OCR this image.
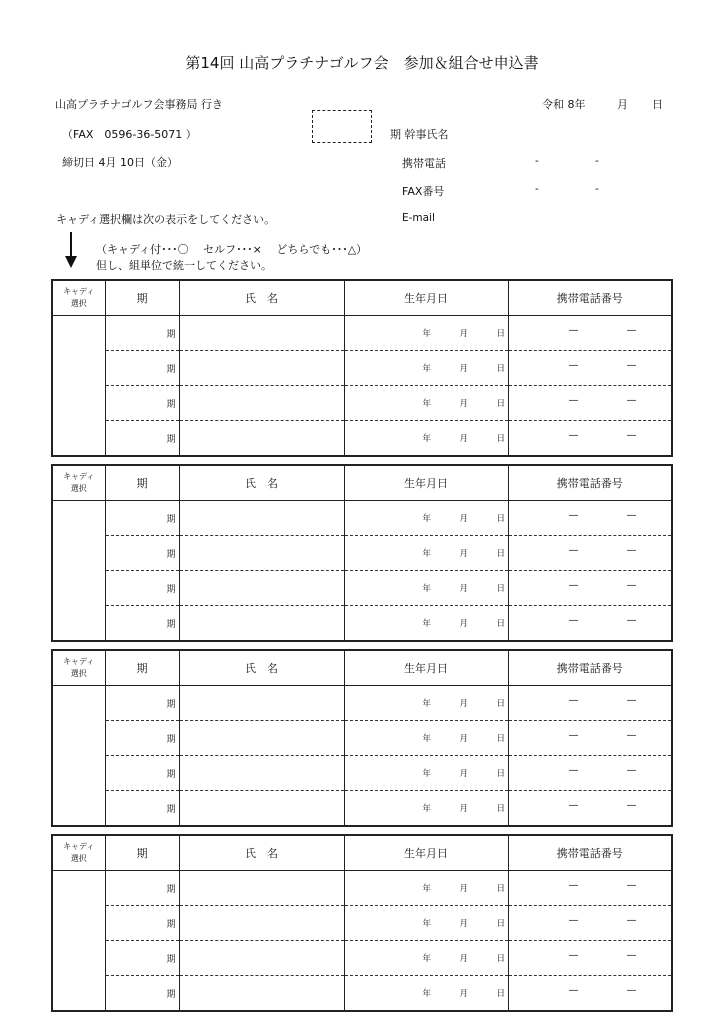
第14回 山高プラチナゴルフ会　参加＆組合せ申込書
山高プラチナゴルフ会事務局 行き
（FAX　0596-36-5071 ）
締切日 4月 10日（金）
令和 8年	月 日
期 幹事氏名
携帯電話	-	-
FAX番号	-	-
E-mail
キャディ選択欄は次の表示をしてください。
（キャディ付･･･〇　 セルフ･･･×　 どちらでも･･･△）
但し、組単位で統一してください。
キャディ
選択	期	氏　名	生年月日	携帯電話番号
	期		年 月 日	— —

	期		年 月 日	— —

	期		年 月 日	— —

	期		年 月 日	— —
キャディ
選択	期	氏　名	生年月日	携帯電話番号
	期		年 月 日	— —

	期		年 月 日	— —

	期		年 月 日	— —

	期		年 月 日	— —
キャディ
選択	期	氏　名	生年月日	携帯電話番号
	期		年 月 日	— —

	期		年 月 日	— —

	期		年 月 日	— —

	期		年 月 日	— —
キャディ
選択	期	氏　名	生年月日	携帯電話番号
	期		年 月 日	— —

	期		年 月 日	— —

	期		年 月 日	— —

	期		年 月 日	— —
